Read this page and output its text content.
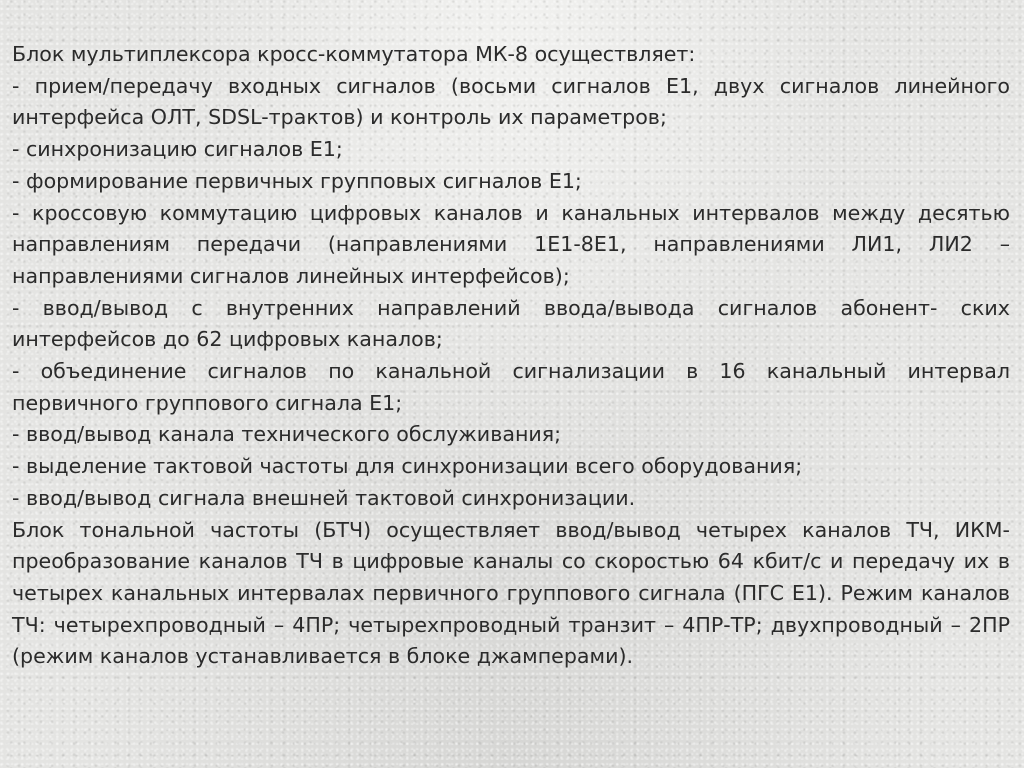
Блок мультиплексора кросс-коммутатора МК-8 осуществляет:

- прием/передачу входных сигналов (восьми сигналов Е1, двух сигналов линейного интерфейса ОЛТ, SDSL-трактов) и контроль их параметров;

- синхронизацию сигналов Е1;

- формирование первичных групповых сигналов Е1;

- кроссовую коммутацию цифровых каналов и канальных интервалов между десятью направлениям передачи (направлениями 1Е1-8Е1, направлениями ЛИ1, ЛИ2 – направлениями сигналов линейных интерфейсов);

- ввод/вывод с внутренних направлений ввода/вывода сигналов абонент- ских интерфейсов до 62 цифровых каналов;

- объединение сигналов по канальной сигнализации в 16 канальный интервал первичного группового сигнала Е1;

- ввод/вывод канала технического обслуживания;

- выделение тактовой частоты для синхронизации всего оборудования;

- ввод/вывод сигнала внешней тактовой синхронизации.

Блок тональной частоты (БТЧ) осуществляет ввод/вывод четырех каналов ТЧ, ИКМ-преобразование каналов ТЧ в цифровые каналы со скоростью 64 кбит/с и передачу их в четырех канальных интервалах первичного группового сигнала (ПГС Е1). Режим каналов ТЧ: четырехпроводный – 4ПР; четырехпроводный транзит – 4ПР-ТР; двухпроводный – 2ПР (режим каналов устанавливается в блоке джамперами).
